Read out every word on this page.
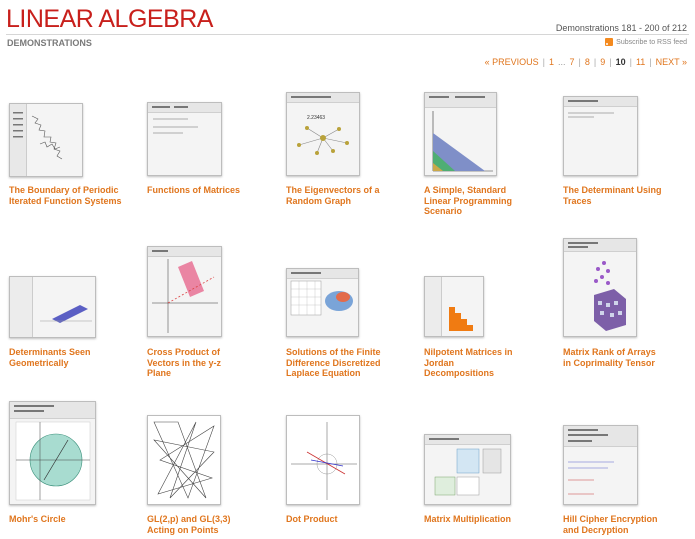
LINEAR ALGEBRA	Demonstrations 181 - 200 of 212
DEMONSTRATIONS	Subscribe to RSS feed
« PREVIOUS | 1 ... 7 | 8 | 9 | 10 | 11 | NEXT »
2.23463
The Boundary of Periodic Iterated Function Systems
Functions of Matrices	The Eigenvectors of a Random Graph
A Simple, Standard Linear Programming Scenario
The Determinant Using Traces
Determinants Seen Geometrically
Cross Product of Vectors in the y-z Plane
Solutions of the Finite Difference Discretized Laplace Equation
Nilpotent Matrices in Jordan Decompositions
Matrix Rank of Arrays in Coprimality Tensor
Mohr's Circle	GL(2,p) and GL(3,3) Acting on Points
Dot Product	Matrix Multiplication	Hill Cipher Encryption and Decryption
